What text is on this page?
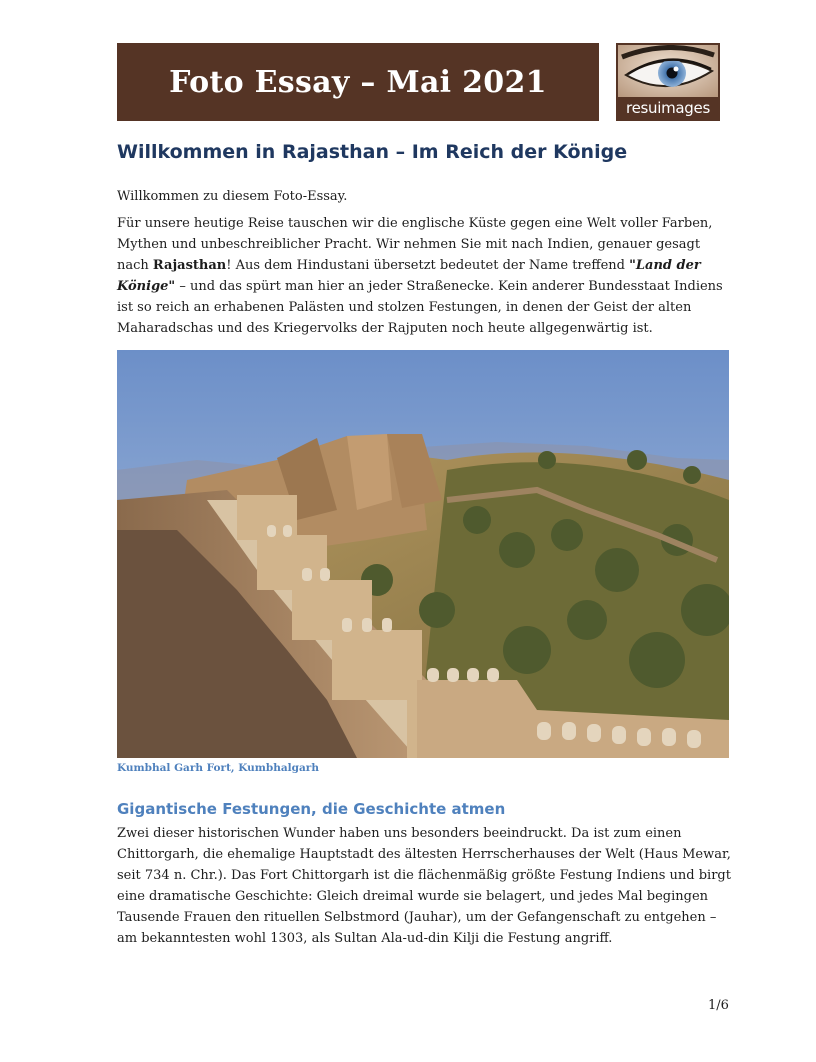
Foto Essay – Mai 2021
resuimages
Willkommen in Rajasthan – Im Reich der Könige

Willkommen zu diesem Foto-Essay.

Für unsere heutige Reise tauschen wir die englische Küste gegen eine Welt voller Farben, Mythen und unbeschreiblicher Pracht. Wir nehmen Sie mit nach Indien, genauer gesagt nach Rajasthan! Aus dem Hindustani übersetzt bedeutet der Name treffend "Land der Könige" – und das spürt man hier an jeder Straßenecke. Kein anderer Bundesstaat Indiens ist so reich an erhabenen Palästen und stolzen Festungen, in denen der Geist der alten Maharadschas und des Kriegervolks der Rajputen noch heute allgegenwärtig ist.

Kumbhal Garh Fort, Kumbhalgarh
Gigantische Festungen, die Geschichte atmen

Zwei dieser historischen Wunder haben uns besonders beeindruckt. Da ist zum einen Chittorgarh, die ehemalige Hauptstadt des ältesten Herrscherhauses der Welt (Haus Mewar, seit 734 n. Chr.). Das Fort Chittorgarh ist die flächenmäßig größte Festung Indiens und birgt eine dramatische Geschichte: Gleich dreimal wurde sie belagert, und jedes Mal begingen Tausende Frauen den rituellen Selbstmord (Jauhar), um der Gefangenschaft zu entgehen – am bekanntesten wohl 1303, als Sultan Ala-ud-din Kilji die Festung angriff.

1/6
